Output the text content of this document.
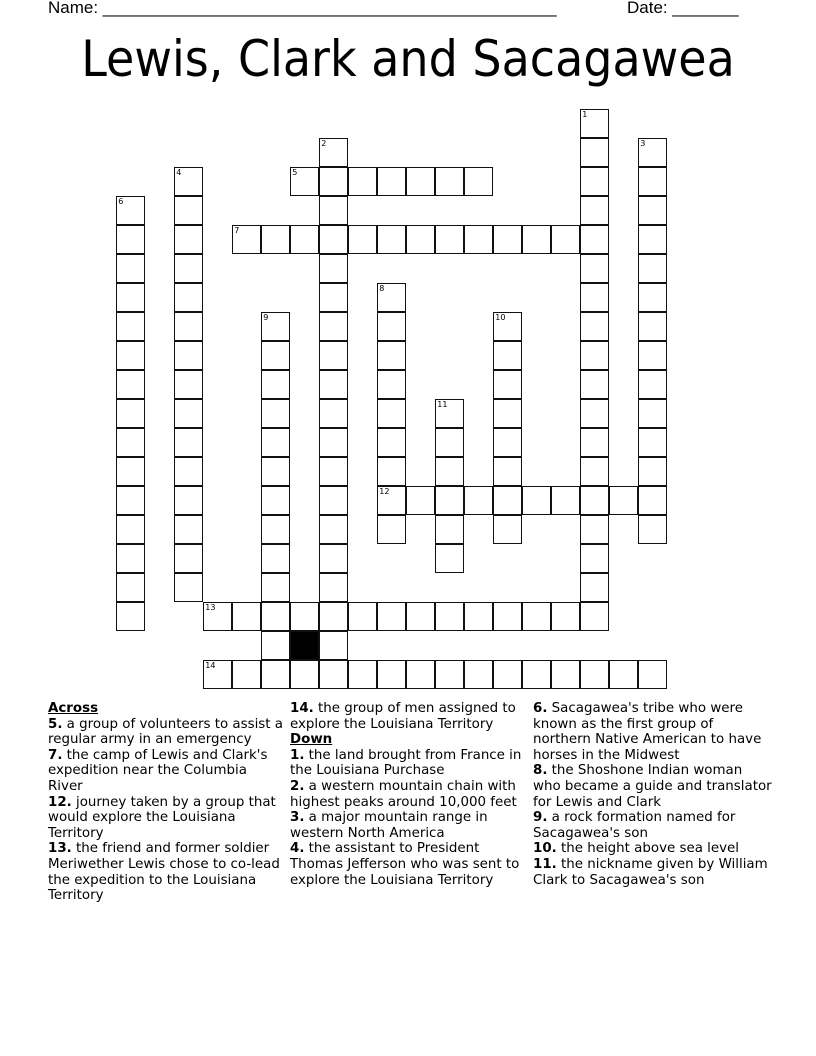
Name: ________________________________________________	Date: _______
Lewis, Clark and Sacagawea
1
2	3
4	5
6
7
8
12
9	10
11
13
14
Across
5. a group of volunteers to assist a regular army in an emergency
7. the camp of Lewis and Clark's expedition near the Columbia River
12. journey taken by a group that would explore the Louisiana Territory
13. the friend and former soldier Meriwether Lewis chose to co-lead the expedition to the Louisiana Territory
14. the group of men assigned to explore the Louisiana Territory
Down
1. the land brought from France in the Louisiana Purchase
2. a western mountain chain with highest peaks around 10,000 feet
3. a major mountain range in western North America
4. the assistant to President Thomas Jefferson who was sent to explore the Louisiana Territory
6. Sacagawea's tribe who were known as the first group of northern Native American to have horses in the Midwest
8. the Shoshone Indian woman who became a guide and translator for Lewis and Clark
9. a rock formation named for Sacagawea's son
10. the height above sea level
11. the nickname given by William Clark to Sacagawea's son
